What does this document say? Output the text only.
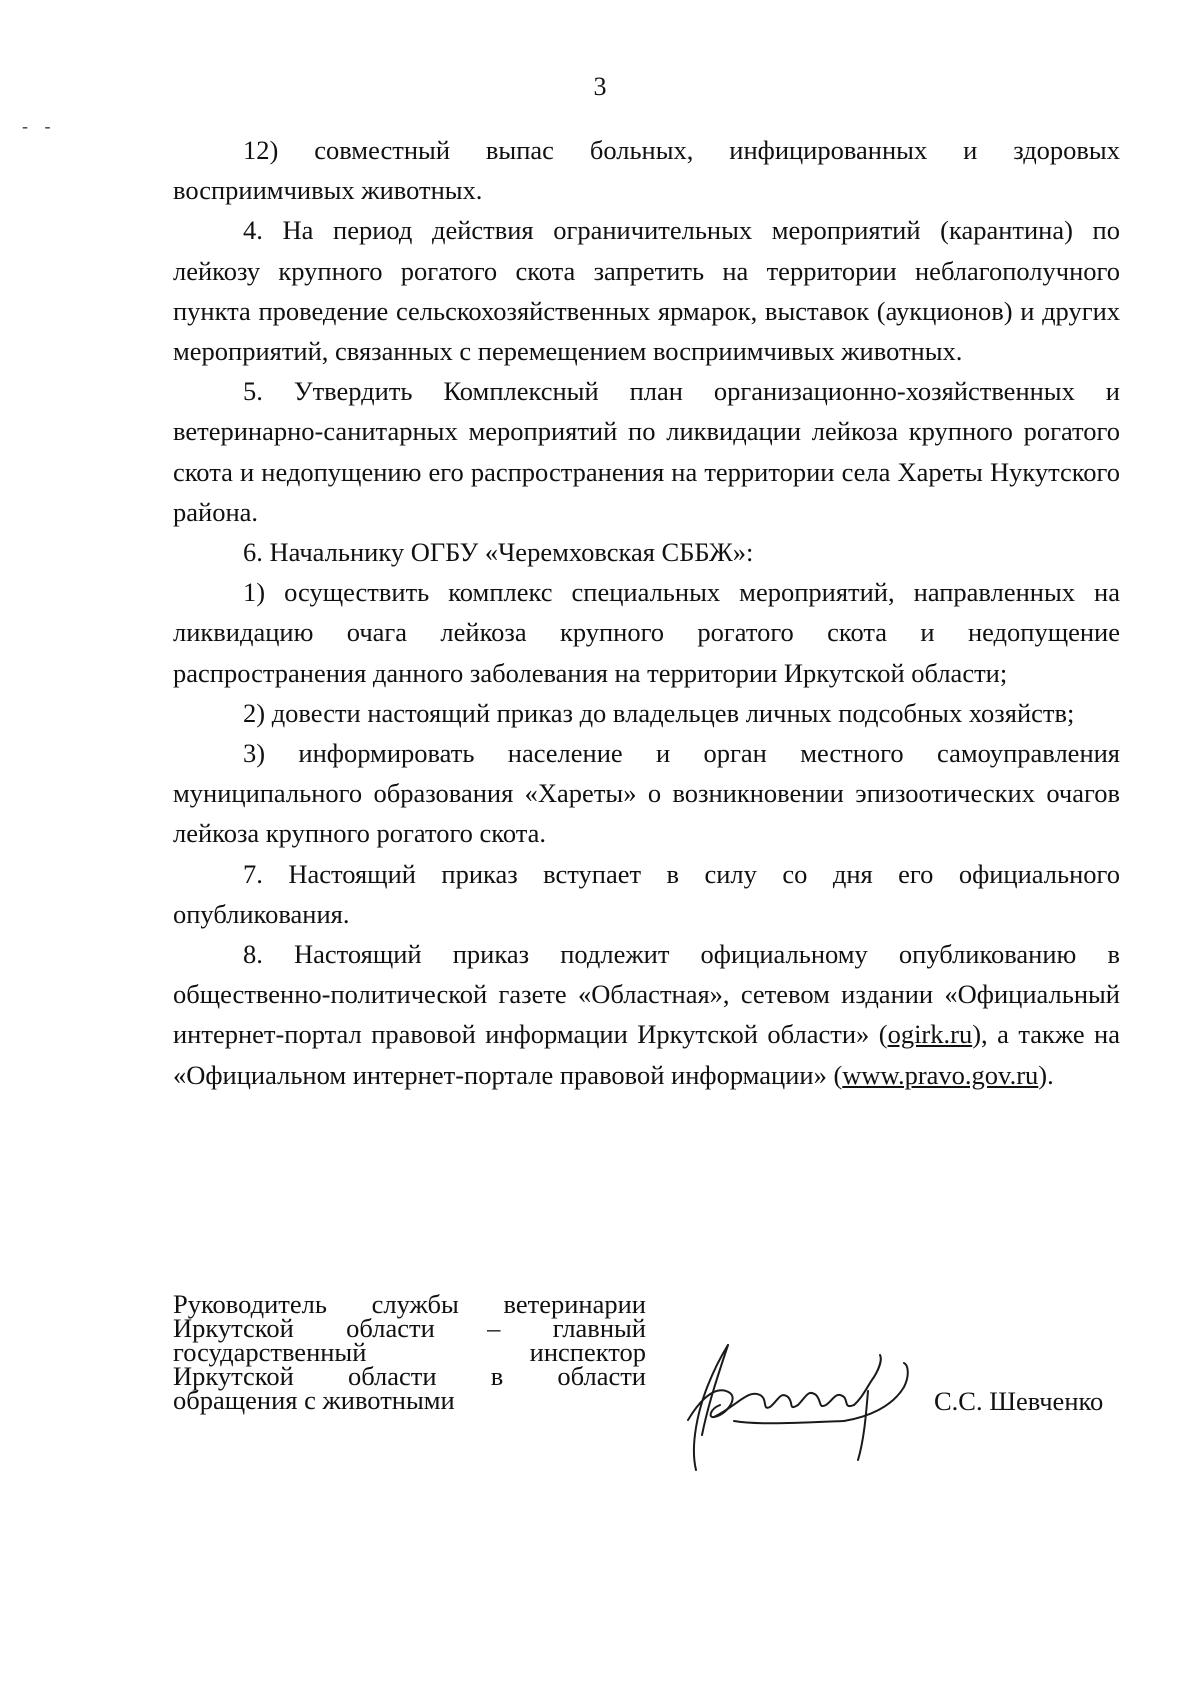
3
- -

12) совместный выпас больных, инфицированных и здоровых восприимчивых животных.

4. На период действия ограничительных мероприятий (карантина) по лейкозу крупного рогатого скота запретить на территории неблагополучного пункта проведение сельскохозяйственных ярмарок, выставок (аукционов) и других мероприятий, связанных с перемещением восприимчивых животных.

5. Утвердить Комплексный план организационно-хозяйственных и ветеринарно-санитарных мероприятий по ликвидации лейкоза крупного рогатого скота и недопущению его распространения на территории села Хареты Нукутского района.

6. Начальнику ОГБУ «Черемховская СББЖ»:

1) осуществить комплекс специальных мероприятий, направленных на ликвидацию очага лейкоза крупного рогатого скота и недопущение распространения данного заболевания на территории Иркутской области;

2) довести настоящий приказ до владельцев личных подсобных хозяйств;

3) информировать население и орган местного самоуправления муниципального образования «Хареты» о возникновении эпизоотических очагов лейкоза крупного рогатого скота.

7. Настоящий приказ вступает в силу со дня его официального опубликования.

8. Настоящий приказ подлежит официальному опубликованию в общественно-политической газете «Областная», сетевом издании «Официальный интернет-портал правовой информации Иркутской области» (ogirk.ru), а также на «Официальном интернет-портале правовой информации» (www.pravo.gov.ru).

Руководитель службы ветеринарии
Иркутской области – главный
государственный инспектор
Иркутской области в области
обращения с животными	С.С. Шевченко
